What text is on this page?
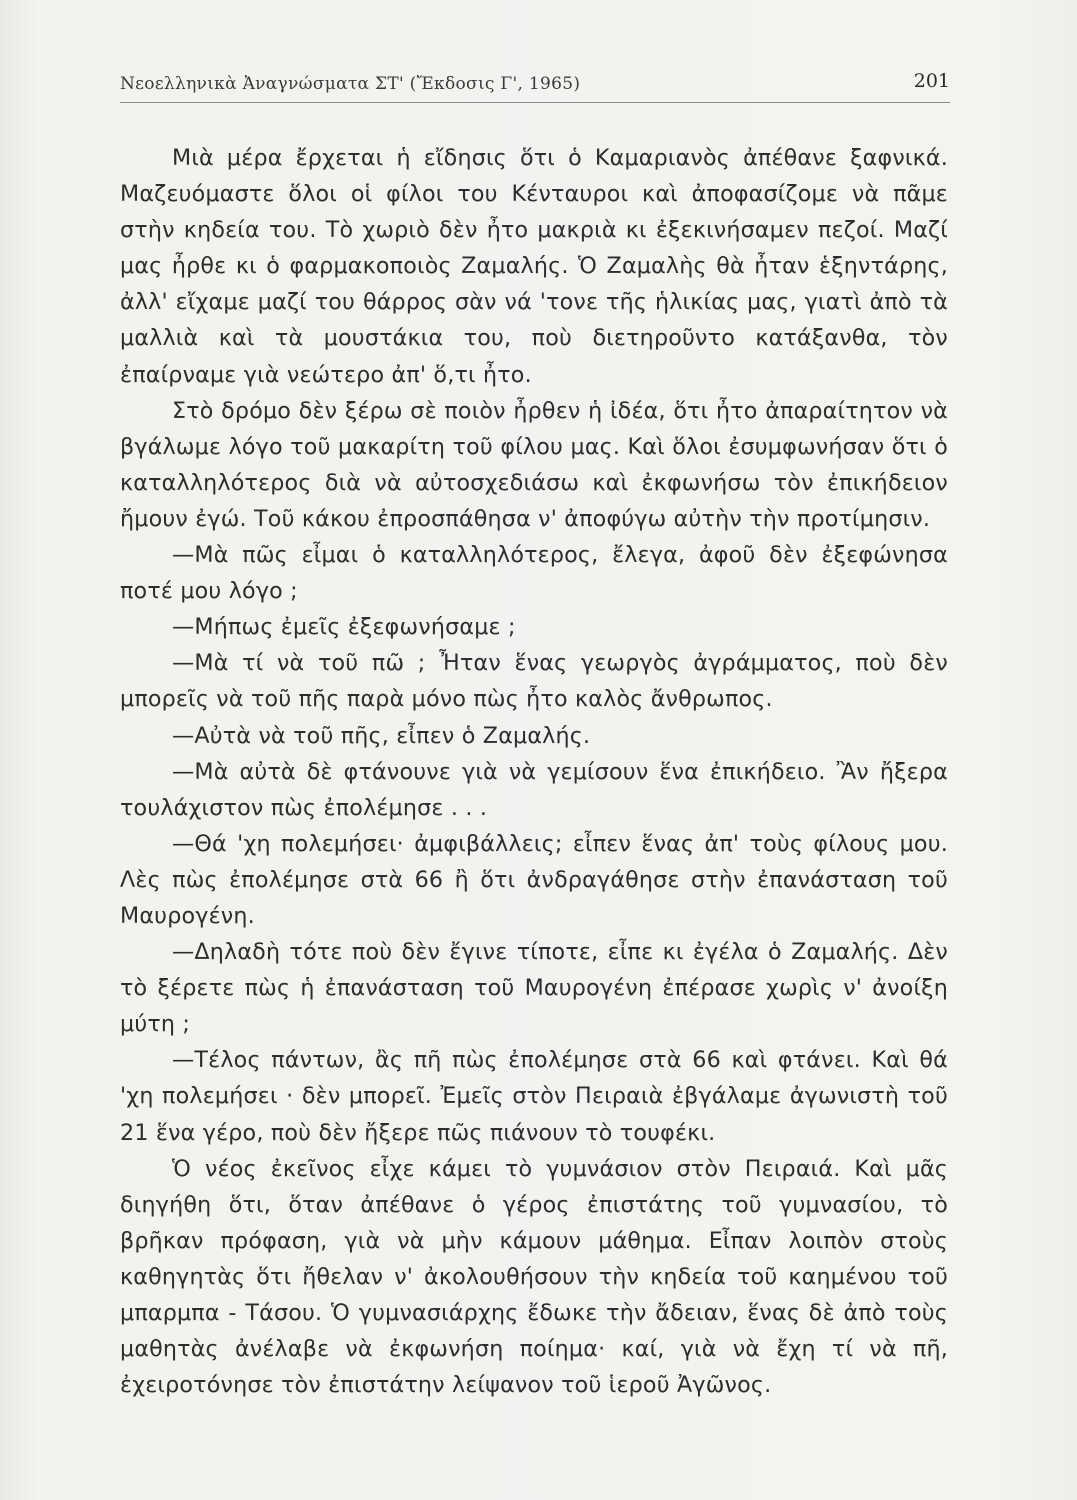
Νεοελληνικὰ Ἀναγνώσματα ΣΤ' (Ἔκδοσις Γ', 1965)	201

Μιὰ μέρα ἔρχεται ἡ εἴδησις ὅτι ὁ Καμαριανὸς ἀπέθανε ξαφνικά. Μαζευόμαστε ὅλοι οἱ φίλοι του Κένταυροι καὶ ἀποφασίζομε νὰ πᾶμε στὴν κηδεία του. Τὸ χωριὸ δὲν ἦτο μακριὰ κι ἐξεκινήσαμεν πεζοί. Μαζί μας ἦρθε κι ὁ φαρμακοποιὸς Ζαμαλής. Ὁ Ζαμαλὴς θὰ ἦταν ἑξηντάρης, ἀλλ' εἴχαμε μαζί του θάρρος σὰν νά 'τονε τῆς ἡλικίας μας, γιατὶ ἀπὸ τὰ μαλλιὰ καὶ τὰ μουστάκια του, ποὺ διετηροῦντο κατάξανθα, τὸν ἐπαίρναμε γιὰ νεώτερο ἀπ' ὅ,τι ἦτο.

Στὸ δρόμο δὲν ξέρω σὲ ποιὸν ἦρθεν ἡ ἰδέα, ὅτι ἦτο ἀπαραίτητον νὰ βγάλωμε λόγο τοῦ μακαρίτη τοῦ φίλου μας. Καὶ ὅλοι ἐσυμφωνήσαν ὅτι ὁ καταλληλότερος διὰ νὰ αὐτοσχεδιάσω καὶ ἐκφωνήσω τὸν ἐπικήδειον ἤμουν ἐγώ. Τοῦ κάκου ἐπροσπάθησα ν' ἀποφύγω αὐτὴν τὴν προτίμησιν.

—Μὰ πῶς εἶμαι ὁ καταλληλότερος, ἔλεγα, ἀφοῦ δὲν ἐξεφώνησα ποτέ μου λόγο ;

—Μήπως ἐμεῖς ἐξεφωνήσαμε ;

—Μὰ τί νὰ τοῦ πῶ ; Ἦταν ἕνας γεωργὸς ἀγράμματος, ποὺ δὲν μπορεῖς νὰ τοῦ πῆς παρὰ μόνο πὼς ἦτο καλὸς ἄνθρωπος.

—Αὐτὰ νὰ τοῦ πῆς, εἶπεν ὁ Ζαμαλής.

—Μὰ αὐτὰ δὲ φτάνουνε γιὰ νὰ γεμίσουν ἕνα ἐπικήδειο. Ἂν ἤξερα τουλάχιστον πὼς ἐπολέμησε . . .

—Θά 'χη πολεμήσει· ἀμφιβάλλεις; εἶπεν ἕνας ἀπ' τοὺς φίλους μου. Λὲς πὼς ἐπολέμησε στὰ 66 ἢ ὅτι ἀνδραγάθησε στὴν ἐπανάσταση τοῦ Μαυρογένη.

—Δηλαδὴ τότε ποὺ δὲν ἔγινε τίποτε, εἶπε κι ἐγέλα ὁ Ζαμαλής. Δὲν τὸ ξέρετε πὼς ἡ ἐπανάσταση τοῦ Μαυρογένη ἐπέρασε χωρὶς ν' ἀνοίξη μύτη ;

—Τέλος πάντων, ἂς πῆ πὼς ἐπολέμησε στὰ 66 καὶ φτάνει. Καὶ θά 'χη πολεμήσει · δὲν μπορεῖ. Ἐμεῖς στὸν Πειραιὰ ἐβγάλαμε ἀγωνιστὴ τοῦ 21 ἕνα γέρο, ποὺ δὲν ἤξερε πῶς πιάνουν τὸ τουφέκι.

Ὁ νέος ἐκεῖνος εἶχε κάμει τὸ γυμνάσιον στὸν Πειραιά. Καὶ μᾶς διηγήθη ὅτι, ὅταν ἀπέθανε ὁ γέρος ἐπιστάτης τοῦ γυμνασίου, τὸ βρῆκαν πρόφαση, γιὰ νὰ μὴν κάμουν μάθημα. Εἶπαν λοιπὸν στοὺς καθηγητὰς ὅτι ἤθελαν ν' ἀκολουθήσουν τὴν κηδεία τοῦ καημένου τοῦ μπαρμπα - Τάσου. Ὁ γυμνασιάρχης ἔδωκε τὴν ἄδειαν, ἕνας δὲ ἀπὸ τοὺς μαθητὰς ἀνέλαβε νὰ ἐκφωνήση ποίημα· καί, γιὰ νὰ ἔχη τί νὰ πῆ, ἐχειροτόνησε τὸν ἐπιστάτην λείψανον τοῦ ἱεροῦ Ἀγῶνος.
